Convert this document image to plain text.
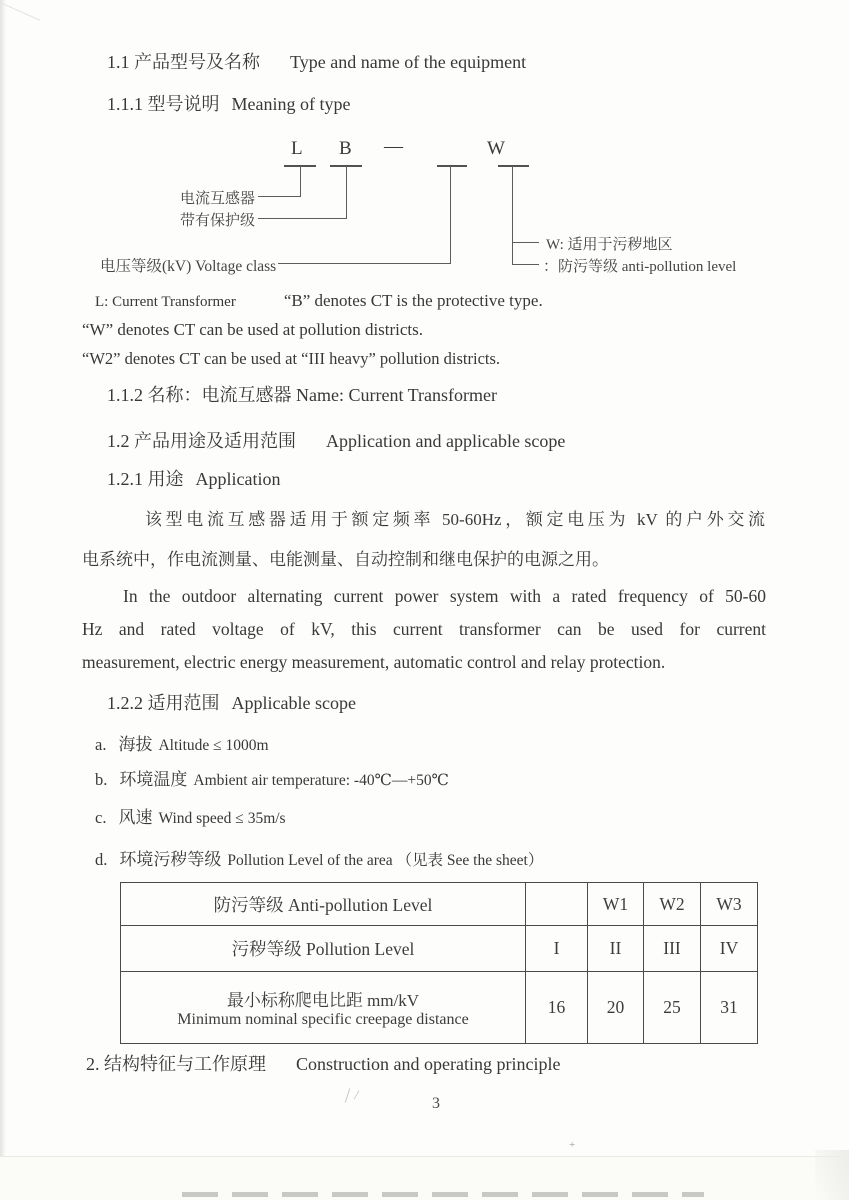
1.1 产品型号及名称 Type and name of the equipment
1.1.1 型号说明 Meaning of type
L B —	W
电流互感器
带有保护级
电压等级(kV) Voltage class
W: 适用于污秽地区
：防污等级 anti-pollution level
L: Current Transformer	“B” denotes CT is the protective type.
“W” denotes CT can be used at pollution districts.
“W2” denotes CT can be used at “III heavy” pollution districts.
1.1.2 名称：电流互感器 Name: Current Transformer
1.2 产品用途及适用范围 Application and applicable scope
1.2.1 用途 Application
该型电流互感器适用于额定频率 50-60Hz，额定电压为 kV 的户外交流
电系统中，作电流测量、电能测量、自动控制和继电保护的电源之用。
In the outdoor alternating current power system with a rated frequency of 50-60
Hz and rated voltage of kV, this current transformer can be used for current
measurement, electric energy measurement, automatic control and relay protection.
1.2.2 适用范围 Applicable scope
a. 海拔 Altitude ≤ 1000m
b. 环境温度 Ambient air temperature: -40℃—+50℃
c. 风速 Wind speed ≤ 35m/s
d. 环境污秽等级 Pollution Level of the area （见表 See the sheet）
防污等级 Anti-pollution Level		W1	W2	W3
污秽等级 Pollution Level	I	II	III	IV

最小标称爬电比距 mm/kV
Minimum nominal specific creepage distance	16	20	25	31
2. 结构特征与工作原理 Construction and operating principle
3
+
